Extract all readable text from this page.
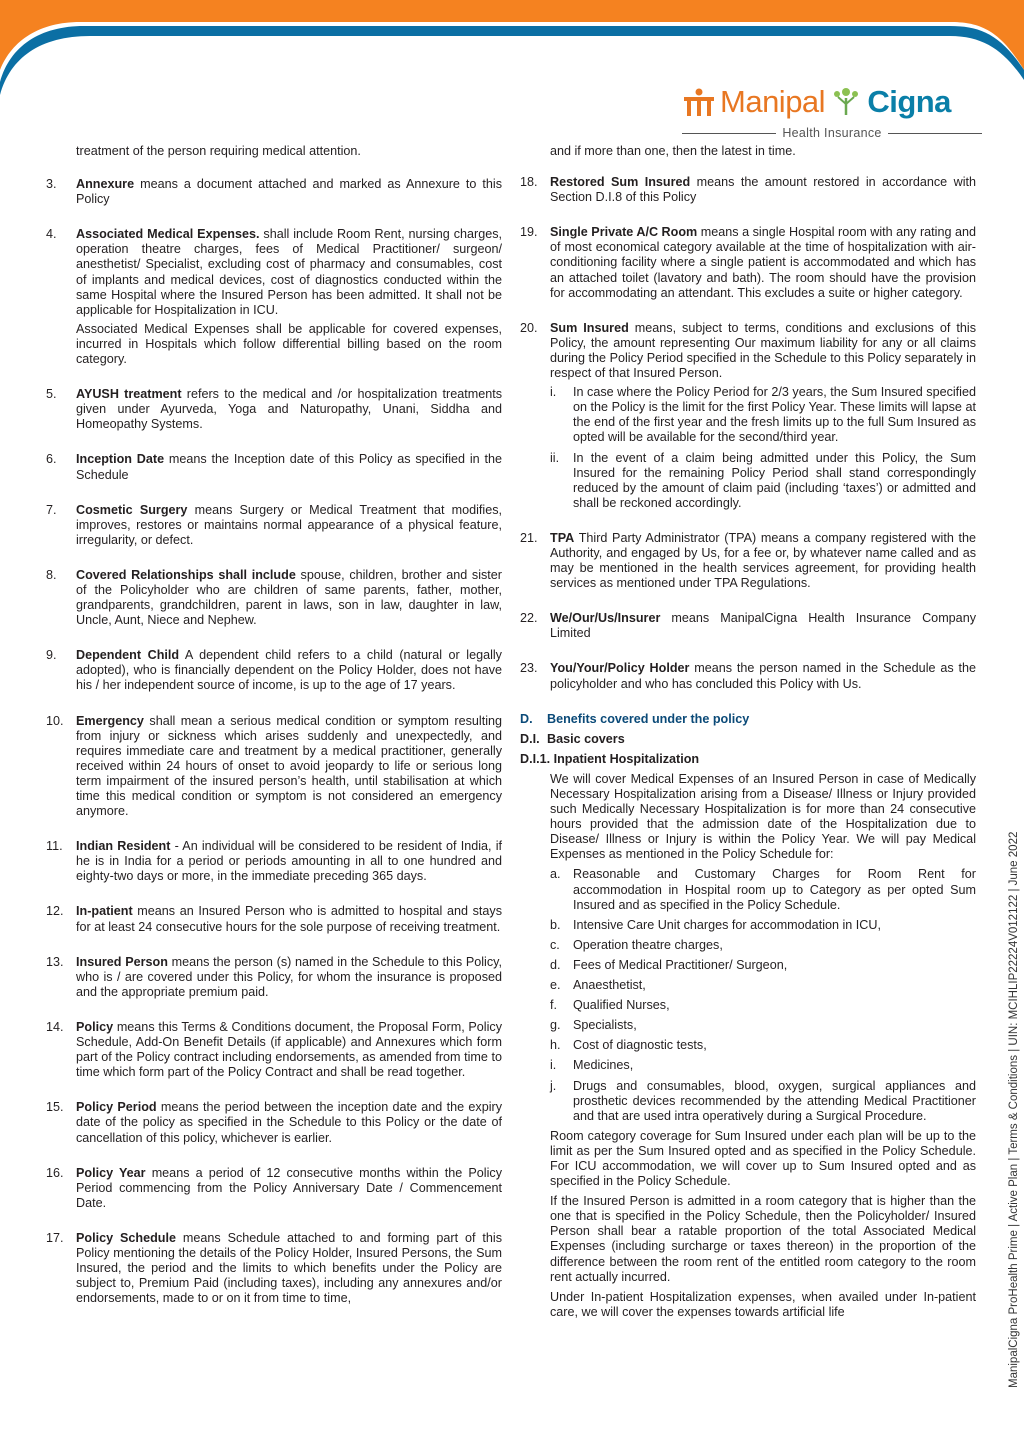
Manipal Cigna
Health Insurance

treatment of the person requiring medical attention.

3. Annexure means a document attached and marked as Annexure to this Policy

4. Associated Medical Expenses. shall include Room Rent, nursing charges, operation theatre charges, fees of Medical Practitioner/ surgeon/ anesthetist/ Specialist, excluding cost of pharmacy and consumables, cost of implants and medical devices, cost of diagnostics conducted within the same Hospital where the Insured Person has been admitted. It shall not be applicable for Hospitalization in ICU.

Associated Medical Expenses shall be applicable for covered expenses, incurred in Hospitals which follow differential billing based on the room category.

5. AYUSH treatment refers to the medical and /or hospitalization treatments given under Ayurveda, Yoga and Naturopathy, Unani, Siddha and Homeopathy Systems.

6. Inception Date means the Inception date of this Policy as specified in the Schedule

7. Cosmetic Surgery means Surgery or Medical Treatment that modifies, improves, restores or maintains normal appearance of a physical feature, irregularity, or defect.

8. Covered Relationships shall include spouse, children, brother and sister of the Policyholder who are children of same parents, father, mother, grandparents, grandchildren, parent in laws, son in law, daughter in law, Uncle, Aunt, Niece and Nephew.

9. Dependent Child A dependent child refers to a child (natural or legally adopted), who is financially dependent on the Policy Holder, does not have his / her independent source of income, is up to the age of 17 years.

10. Emergency shall mean a serious medical condition or symptom resulting from injury or sickness which arises suddenly and unexpectedly, and requires immediate care and treatment by a medical practitioner, generally received within 24 hours of onset to avoid jeopardy to life or serious long term impairment of the insured person’s health, until stabilisation at which time this medical condition or symptom is not considered an emergency anymore.

11. Indian Resident - An individual will be considered to be resident of India, if he is in India for a period or periods amounting in all to one hundred and eighty-two days or more, in the immediate preceding 365 days.

12. In-patient means an Insured Person who is admitted to hospital and stays for at least 24 consecutive hours for the sole purpose of receiving treatment.

13. Insured Person means the person (s) named in the Schedule to this Policy, who is / are covered under this Policy, for whom the insurance is proposed and the appropriate premium paid.

14. Policy means this Terms & Conditions document, the Proposal Form, Policy Schedule, Add-On Benefit Details (if applicable) and Annexures which form part of the Policy contract including endorsements, as amended from time to time which form part of the Policy Contract and shall be read together.

15. Policy Period means the period between the inception date and the expiry date of the policy as specified in the Schedule to this Policy or the date of cancellation of this policy, whichever is earlier.

16. Policy Year means a period of 12 consecutive months within the Policy Period commencing from the Policy Anniversary Date / Commencement Date.

17. Policy Schedule means Schedule attached to and forming part of this Policy mentioning the details of the Policy Holder, Insured Persons, the Sum Insured, the period and the limits to which benefits under the Policy are subject to, Premium Paid (including taxes), including any annexures and/or endorsements, made to or on it from time to time,

and if more than one, then the latest in time.

18. Restored Sum Insured means the amount restored in accordance with Section D.I.8 of this Policy

19. Single Private A/C Room means a single Hospital room with any rating and of most economical category available at the time of hospitalization with air-conditioning facility where a single patient is accommodated and which has an attached toilet (lavatory and bath). The room should have the provision for accommodating an attendant. This excludes a suite or higher category.

20. Sum Insured means, subject to terms, conditions and exclusions of this Policy, the amount representing Our maximum liability for any or all claims during the Policy Period specified in the Schedule to this Policy separately in respect of that Insured Person.

i. In case where the Policy Period for 2/3 years, the Sum Insured specified on the Policy is the limit for the first Policy Year. These limits will lapse at the end of the first year and the fresh limits up to the full Sum Insured as opted will be available for the second/third year.
ii. In the event of a claim being admitted under this Policy, the Sum Insured for the remaining Policy Period shall stand correspondingly reduced by the amount of claim paid (including ‘taxes’) or admitted and shall be reckoned accordingly.
21. TPA Third Party Administrator (TPA) means a company registered with the Authority, and engaged by Us, for a fee or, by whatever name called and as may be mentioned in the health services agreement, for providing health services as mentioned under TPA Regulations.

22. We/Our/Us/Insurer means ManipalCigna Health Insurance Company Limited

23. You/Your/Policy Holder means the person named in the Schedule as the policyholder and who has concluded this Policy with Us.

D. Benefits covered under the policy
D.I. Basic covers
D.I.1. Inpatient Hospitalization

We will cover Medical Expenses of an Insured Person in case of Medically Necessary Hospitalization arising from a Disease/ Illness or Injury provided such Medically Necessary Hospitalization is for more than 24 consecutive hours provided that the admission date of the Hospitalization due to Disease/ Illness or Injury is within the Policy Year. We will pay Medical Expenses as mentioned in the Policy Schedule for:

a. Reasonable and Customary Charges for Room Rent for accommodation in Hospital room up to Category as per opted Sum Insured and as specified in the Policy Schedule.
b. Intensive Care Unit charges for accommodation in ICU,
c. Operation theatre charges,
d. Fees of Medical Practitioner/ Surgeon,
e. Anaesthetist,
f. Qualified Nurses,
g. Specialists,
h. Cost of diagnostic tests,
i. Medicines,
j. Drugs and consumables, blood, oxygen, surgical appliances and prosthetic devices recommended by the attending Medical Practitioner and that are used intra operatively during a Surgical Procedure.

Room category coverage for Sum Insured under each plan will be up to the limit as per the Sum Insured opted and as specified in the Policy Schedule. For ICU accommodation, we will cover up to Sum Insured opted and as specified in the Policy Schedule.

If the Insured Person is admitted in a room category that is higher than the one that is specified in the Policy Schedule, then the Policyholder/ Insured Person shall bear a ratable proportion of the total Associated Medical Expenses (including surcharge or taxes thereon) in the proportion of the difference between the room rent of the entitled room category to the room rent actually incurred.

Under In-patient Hospitalization expenses, when availed under In-patient care, we will cover the expenses towards artificial life	ManipalCigna ProHealth Prime | Active Plan | Terms & Conditions | UIN: MCIHLIP22224V012122 | June 2022
